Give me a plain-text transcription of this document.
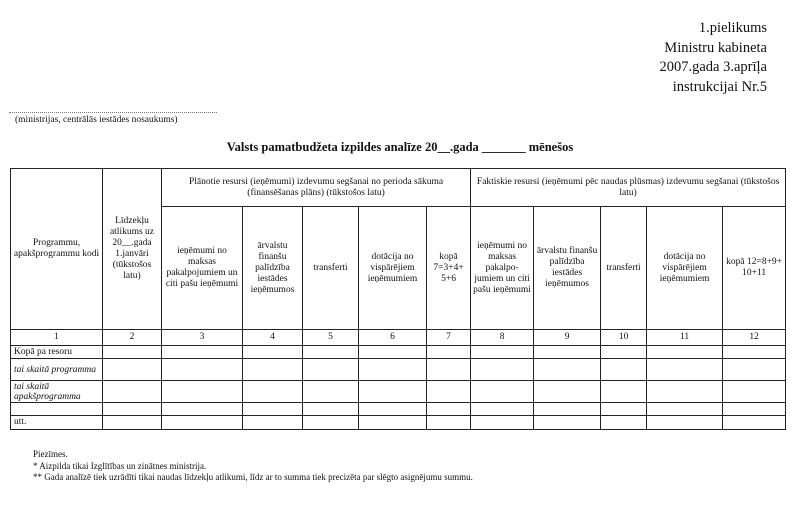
1.pielikums
Ministru kabineta
2007.gada 3.aprīļa
instrukcijai Nr.5
(ministrijas, centrālās iestādes nosaukums)
Valsts pamatbudžeta izpildes analīze 20__.gada _______ mēnešos
Programmu, apakšprogrammu kodi	Līdzekļu atlikums uz 20__.gada 1.janvāri (tūkstošos latu)	Plānotie resursi (ieņēmumi) izdevumu segšanai no perioda sākuma (finansēšanas plāns) (tūkstošos latu)					Faktiskie resursi (ieņēmumi pēc naudas plūsmas) izdevumu segšanai (tūkstošos latu)				
		ieņēmumi no maksas pakalpojumiem un citi pašu ieņēmumi	ārvalstu finanšu palīdzība iestādes ieņēmumos	transferti	dotācija no vispārējiem ieņēmumiem	kopā 7=3+4+ 5+6	ieņēmumi no maksas pakalpo- jumiem un citi pašu ieņēmumi	ārvalstu finanšu palīdzība iestādes ieņēmumos	transferti	dotācija no vispārējiem ieņēmumiem	kopā 12=8+9+ 10+11
1	2	3	4	5	6	7	8	9	10	11	12
Kopā pa resoru											
tai skaitā programma											
tai skaitā apakšprogramma											

utt.											
Piezīmes.
* Aizpilda tikai Izglītības un zinātnes ministrija.
** Gada analīzē tiek uzrādīti tikai naudas līdzekļu atlikumi, līdz ar to summa tiek precizēta par slēgto asignējumu summu.
